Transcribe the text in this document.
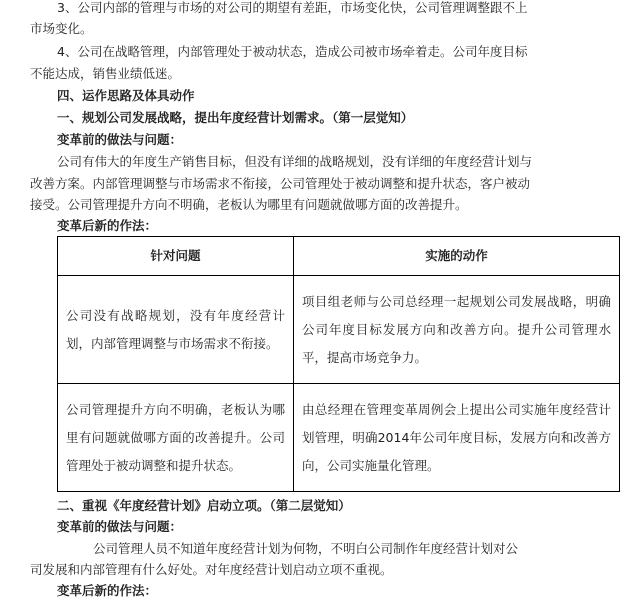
3、公司内部的管理与市场的对公司的期望有差距，市场变化快，公司管理调整跟不上
市场变化。
4、公司在战略管理，内部管理处于被动状态，造成公司被市场牵着走。公司年度目标
不能达成，销售业绩低迷。
四、运作思路及体具动作
一、规划公司发展战略，提出年度经营计划需求。（第一层觉知）
变革前的做法与问题：
公司有伟大的年度生产销售目标，但没有详细的战略规划，没有详细的年度经营计划与
改善方案。内部管理调整与市场需求不衔接，公司管理处于被动调整和提升状态，客户被动
接受。公司管理提升方向不明确，老板认为哪里有问题就做哪方面的改善提升。
变革后新的作法：
针对问题	实施的动作
公司没有战略规划，没有年度经营计划，内部管理调整与市场需求不衔接。	项目组老师与公司总经理一起规划公司发展战略，明确公司年度目标发展方向和改善方向。提升公司管理水平，提高市场竞争力。
公司管理提升方向不明确，老板认为哪里有问题就做哪方面的改善提升。公司管理处于被动调整和提升状态。	由总经理在管理变革周例会上提出公司实施年度经营计划管理，明确2014年公司年度目标，发展方向和改善方向，公司实施量化管理。
二、重视《年度经营计划》启动立项。（第二层觉知）
变革前的做法与问题：
公司管理人员不知道年度经营计划为何物，不明白公司制作年度经营计划对公
司发展和内部管理有什么好处。对年度经营计划启动立项不重视。
变革后新的作法：
